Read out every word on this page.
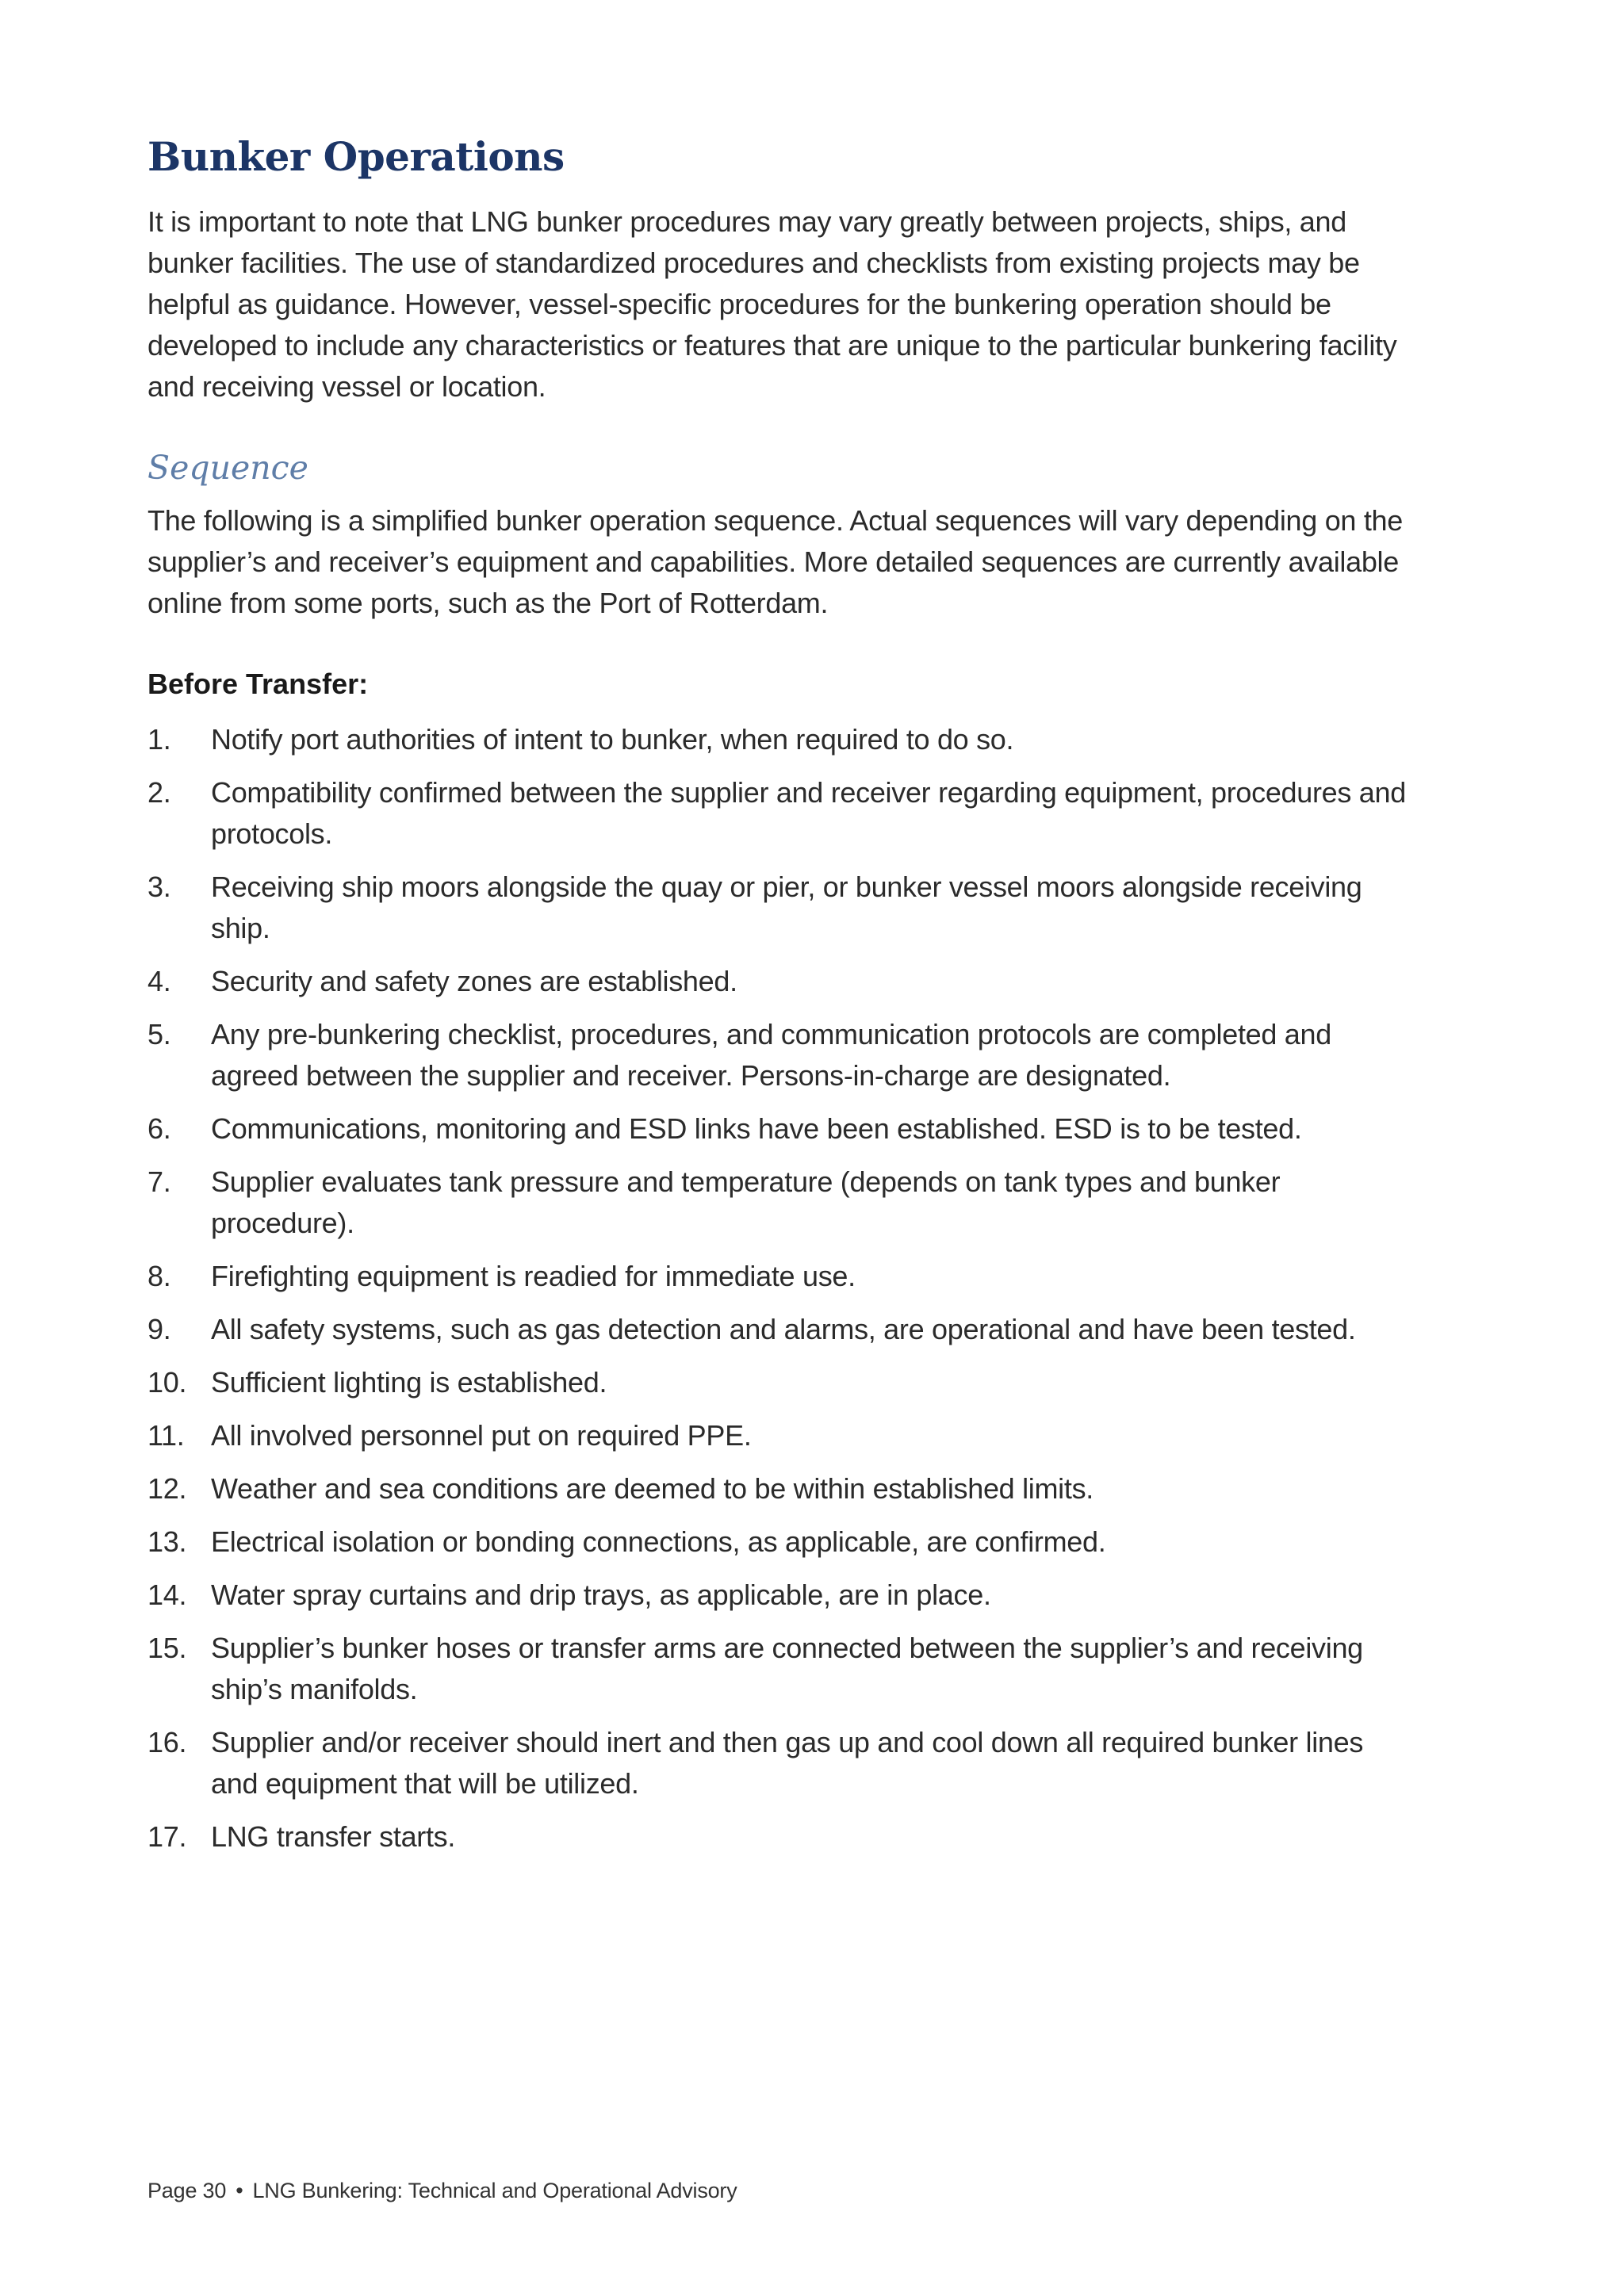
Bunker Operations

It is important to note that LNG bunker procedures may vary greatly between projects, ships, and bunker facilities. The use of standardized procedures and checklists from existing projects may be helpful as guidance. However, vessel-specific procedures for the bunkering operation should be developed to include any characteristics or features that are unique to the particular bunkering facility and receiving vessel or location.

Sequence

The following is a simplified bunker operation sequence. Actual sequences will vary depending on the supplier’s and receiver’s equipment and capabilities. More detailed sequences are currently available online from some ports, such as the Port of Rotterdam.

Before Transfer:
1.	Notify port authorities of intent to bunker, when required to do so.
2.	Compatibility confirmed between the supplier and receiver regarding equipment, procedures and protocols.
3.	Receiving ship moors alongside the quay or pier, or bunker vessel moors alongside receiving ship.
4.	Security and safety zones are established.
5.	Any pre-bunkering checklist, procedures, and communication protocols are completed and agreed between the supplier and receiver. Persons-in-charge are designated.
6.	Communications, monitoring and ESD links have been established. ESD is to be tested.
7.	Supplier evaluates tank pressure and temperature (depends on tank types and bunker procedure).
8.	Firefighting equipment is readied for immediate use.
9.	All safety systems, such as gas detection and alarms, are operational and have been tested.
10. Sufficient lighting is established.
11. All involved personnel put on required PPE.
12. Weather and sea conditions are deemed to be within established limits.
13. Electrical isolation or bonding connections, as applicable, are confirmed.
14. Water spray curtains and drip trays, as applicable, are in place.
15. Supplier’s bunker hoses or transfer arms are connected between the supplier’s and receiving ship’s manifolds.
16. Supplier and/or receiver should inert and then gas up and cool down all required bunker lines and equipment that will be utilized.
17. LNG transfer starts.
Page 30 • LNG Bunkering: Technical and Operational Advisory
